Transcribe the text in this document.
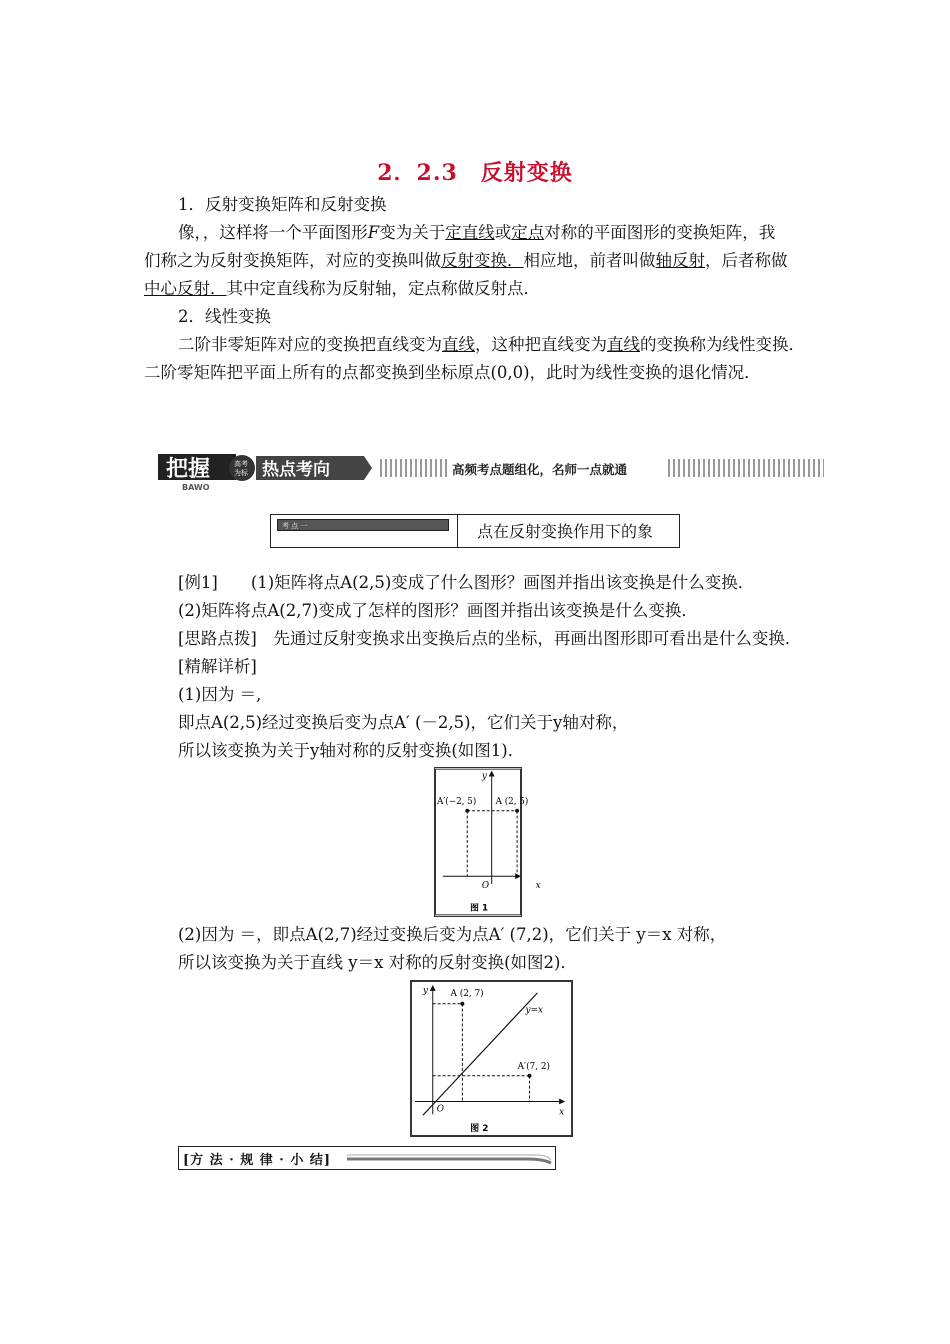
2．2.3　反射变换
1．反射变换矩阵和反射变换
像，，这样将一个平面图形F变为关于定直线或定点对称的平面图形的变换矩阵，我
们称之为反射变换矩阵，对应的变换叫做反射变换．相应地，前者叫做轴反射，后者称做
中心反射．其中定直线称为反射轴，定点称做反射点．
2．线性变换
二阶非零矩阵对应的变换把直线变为直线，这种把直线变为直线的变换称为线性变换．
二阶零矩阵把平面上所有的点都变换到坐标原点(0,0)，此时为线性变换的退化情况．
把握
BAWO
高考
为标 热点考向	高频考点题组化，名师一点就通
考 点 一	点在反射变换作用下的象
[例1]　　(1)矩阵将点A(2,5)变成了什么图形？画图并指出该变换是什么变换．
(2)矩阵将点A(2,7)变成了怎样的图形？画图并指出该变换是什么变换．
[思路点拨]　先通过反射变换求出变换后点的坐标，再画出图形即可看出是什么变换．
[精解详析]
(1)因为 ＝,
即点A(2,5)经过变换后变为点A′ (－2,5)，它们关于y轴对称，
所以该变换为关于y轴对称的反射变换(如图1)．
y
x
O
A′(−2, 5) A (2, 5)
图 1
(2)因为 ＝，即点A(2,7)经过变换后变为点A′ (7,2)，它们关于 y＝x 对称，
所以该变换为关于直线 y＝x 对称的反射变换(如图2)．
y
x
O
y=x
A (2, 7)
A′(7, 2)
图 2
[方 法 · 规 律 · 小 结]
